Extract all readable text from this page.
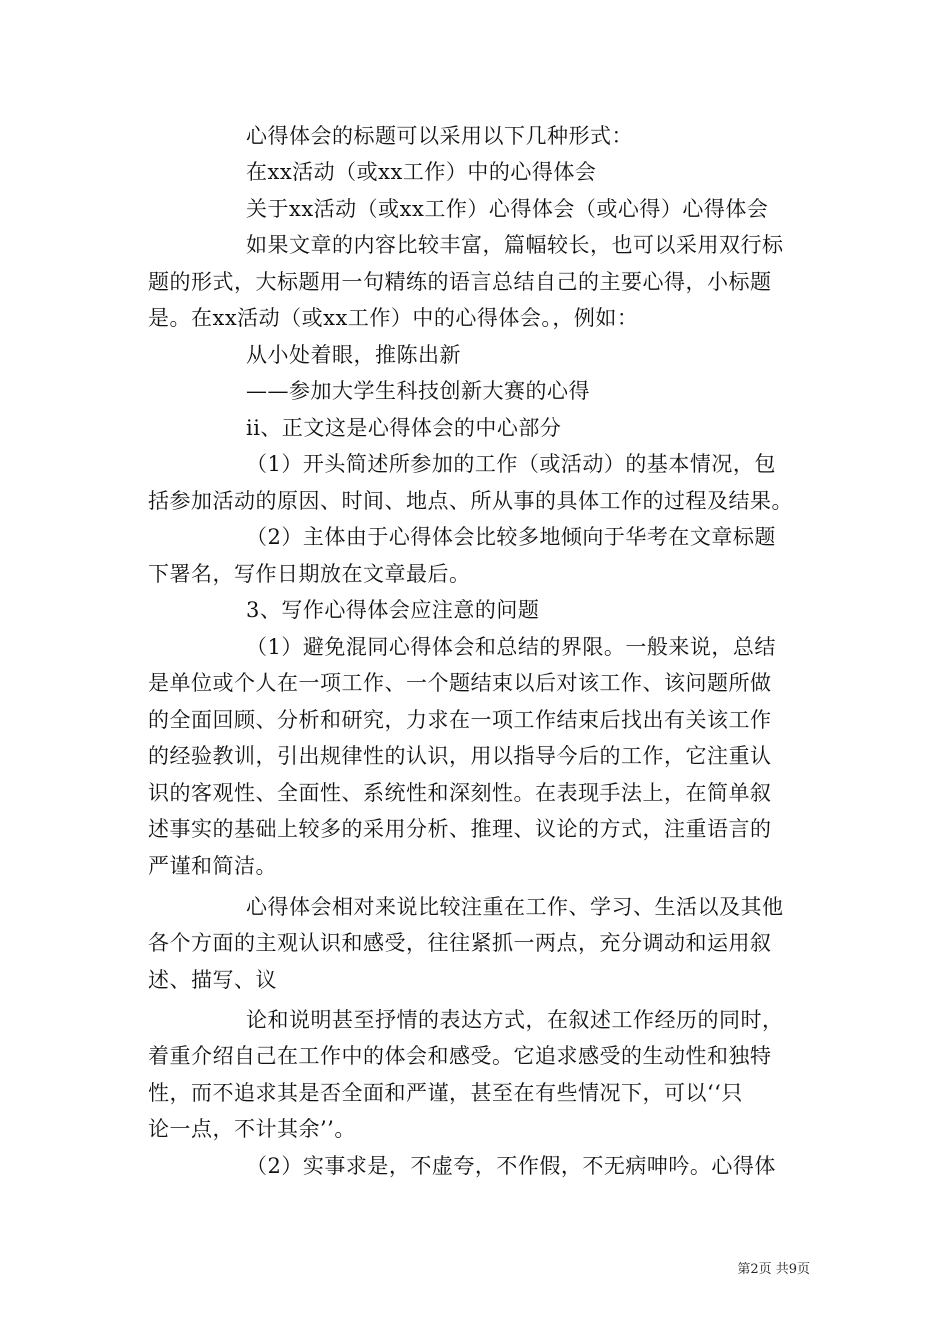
心得体会的标题可以采用以下几种形式：
在xx活动（或xx工作）中的心得体会
关于xx活动（或xx工作）心得体会（或心得）心得体会
如果文章的内容比较丰富，篇幅较长，也可以采用双行标
题的形式，大标题用一句精练的语言总结自己的主要心得，小标题
是。在xx活动（或xx工作）中的心得体会。，例如：
从小处着眼，推陈出新
——参加大学生科技创新大赛的心得
ii、正文这是心得体会的中心部分
（1）开头简述所参加的工作（或活动）的基本情况，包
括参加活动的原因、时间、地点、所从事的具体工作的过程及结果。
（2）主体由于心得体会比较多地倾向于华考在文章标题
下署名，写作日期放在文章最后。
3、写作心得体会应注意的问题
（1）避免混同心得体会和总结的界限。一般来说，总结
是单位或个人在一项工作、一个题结束以后对该工作、该问题所做
的全面回顾、分析和研究，力求在一项工作结束后找出有关该工作
的经验教训，引出规律性的认识，用以指导今后的工作，它注重认
识的客观性、全面性、系统性和深刻性。在表现手法上，在简单叙
述事实的基础上较多的采用分析、推理、议论的方式，注重语言的
严谨和简洁。
心得体会相对来说比较注重在工作、学习、生活以及其他
各个方面的主观认识和感受，往往紧抓一两点，充分调动和运用叙
述、描写、议
论和说明甚至抒情的表达方式，在叙述工作经历的同时，
着重介绍自己在工作中的体会和感受。它追求感受的生动性和独特
性，而不追求其是否全面和严谨，甚至在有些情况下，可以‘‘只
论一点，不计其余’’。
（2）实事求是，不虚夸，不作假，不无病呻吟。心得体
第2页 共9页
